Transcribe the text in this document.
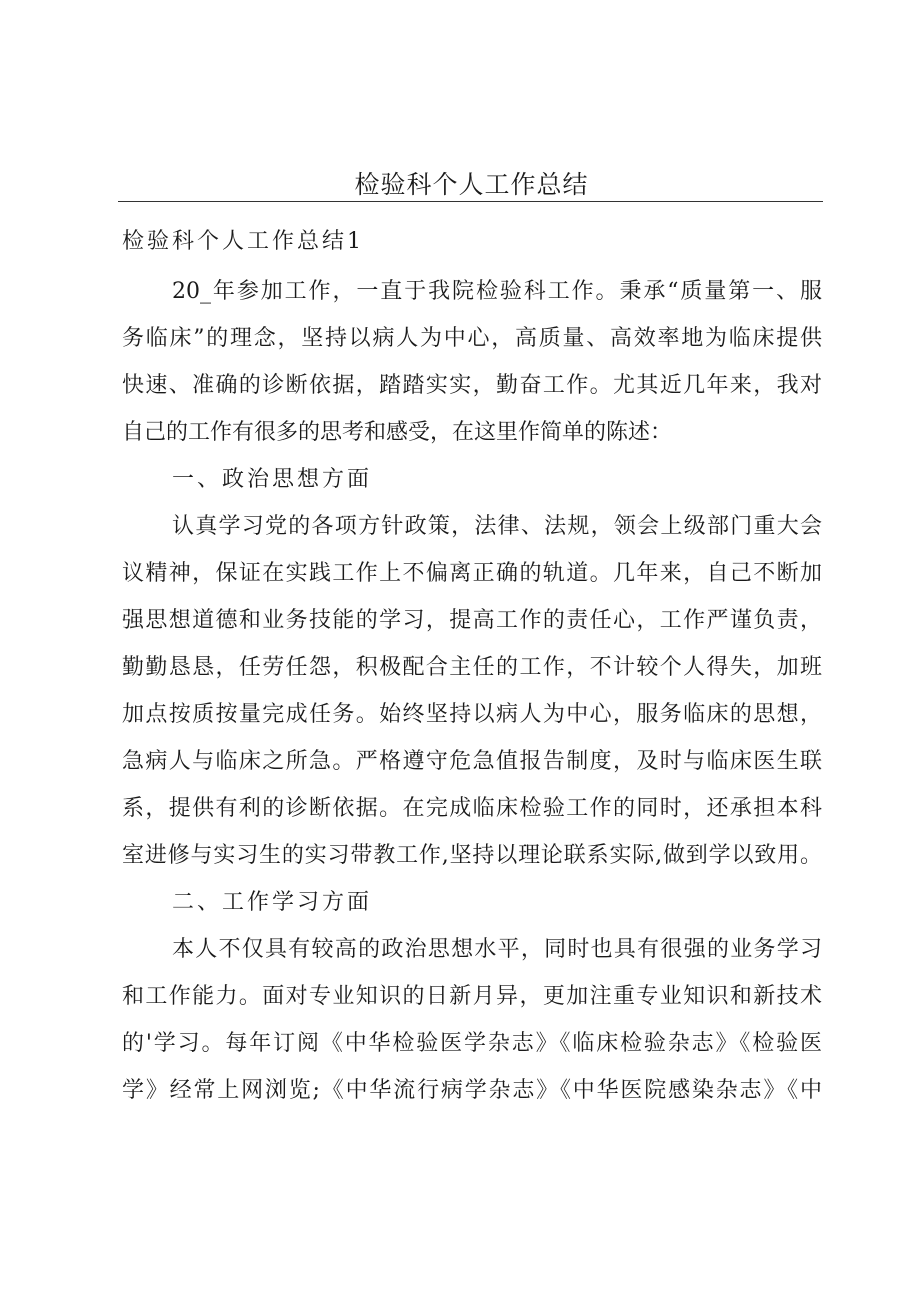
检验科个人工作总结
检验科个人工作总结1
20_年参加工作，一直于我院检验科工作。秉承“质量第一、服
务临床”的理念，坚持以病人为中心，高质量、高效率地为临床提供
快速、准确的诊断依据，踏踏实实，勤奋工作。尤其近几年来，我对
自己的工作有很多的思考和感受，在这里作简单的陈述：
一、政治思想方面
认真学习党的各项方针政策，法律、法规，领会上级部门重大会
议精神，保证在实践工作上不偏离正确的轨道。几年来，自己不断加
强思想道德和业务技能的学习，提高工作的责任心，工作严谨负责，
勤勤恳恳，任劳任怨，积极配合主任的工作，不计较个人得失，加班
加点按质按量完成任务。始终坚持以病人为中心，服务临床的思想，
急病人与临床之所急。严格遵守危急值报告制度，及时与临床医生联
系，提供有利的诊断依据。在完成临床检验工作的同时，还承担本科
室进修与实习生的实习带教工作,坚持以理论联系实际,做到学以致用。
二、工作学习方面
本人不仅具有较高的政治思想水平，同时也具有很强的业务学习
和工作能力。面对专业知识的日新月异，更加注重专业知识和新技术
的'学习。每年订阅《中华检验医学杂志》《临床检验杂志》《检验医
学》经常上网浏览;《中华流行病学杂志》《中华医院感染杂志》《中
